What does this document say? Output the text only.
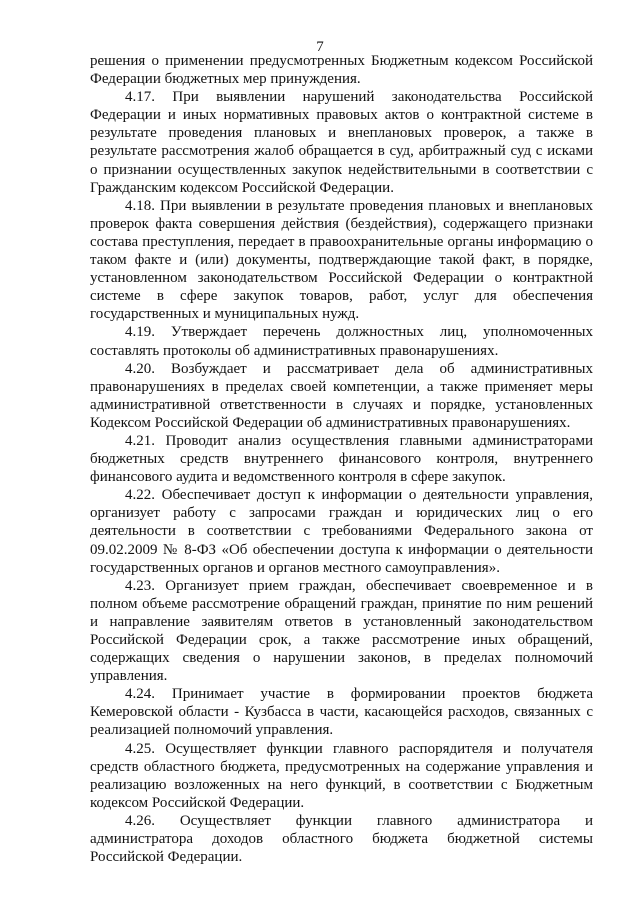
7

решения о применении предусмотренных Бюджетным кодексом Российской Федерации бюджетных мер принуждения.

4.17. При выявлении нарушений законодательства Российской Федерации и иных нормативных правовых актов о контрактной системе в результате проведения плановых и внеплановых проверок, а также в результате рассмотрения жалоб обращается в суд, арбитражный суд с исками о признании осуществленных закупок недействительными в соответствии с Гражданским кодексом Российской Федерации.

4.18. При выявлении в результате проведения плановых и внеплановых проверок факта совершения действия (бездействия), содержащего признаки состава преступления, передает в правоохранительные органы информацию о таком факте и (или) документы, подтверждающие такой факт, в порядке, установленном законодательством Российской Федерации о контрактной системе в сфере закупок товаров, работ, услуг для обеспечения государственных и муниципальных нужд.

4.19. Утверждает перечень должностных лиц, уполномоченных составлять протоколы об административных правонарушениях.

4.20. Возбуждает и рассматривает дела об административных правонарушениях в пределах своей компетенции, а также применяет меры административной ответственности в случаях и порядке, установленных Кодексом Российской Федерации об административных правонарушениях.

4.21. Проводит анализ осуществления главными администраторами бюджетных средств внутреннего финансового контроля, внутреннего финансового аудита и ведомственного контроля в сфере закупок.

4.22. Обеспечивает доступ к информации о деятельности управления, организует работу с запросами граждан и юридических лиц о его деятельности в соответствии с требованиями Федерального закона от 09.02.2009 № 8-ФЗ «Об обеспечении доступа к информации о деятельности государственных органов и органов местного самоуправления».

4.23. Организует прием граждан, обеспечивает своевременное и в полном объеме рассмотрение обращений граждан, принятие по ним решений и направление заявителям ответов в установленный законодательством Российской Федерации срок, а также рассмотрение иных обращений, содержащих сведения о нарушении законов, в пределах полномочий управления.

4.24. Принимает участие в формировании проектов бюджета Кемеровской области - Кузбасса в части, касающейся расходов, связанных с реализацией полномочий управления.

4.25. Осуществляет функции главного распорядителя и получателя средств областного бюджета, предусмотренных на содержание управления и реализацию возложенных на него функций, в соответствии с Бюджетным кодексом Российской Федерации.

4.26. Осуществляет функции главного администратора и администратора доходов областного бюджета бюджетной системы Российской Федерации.
